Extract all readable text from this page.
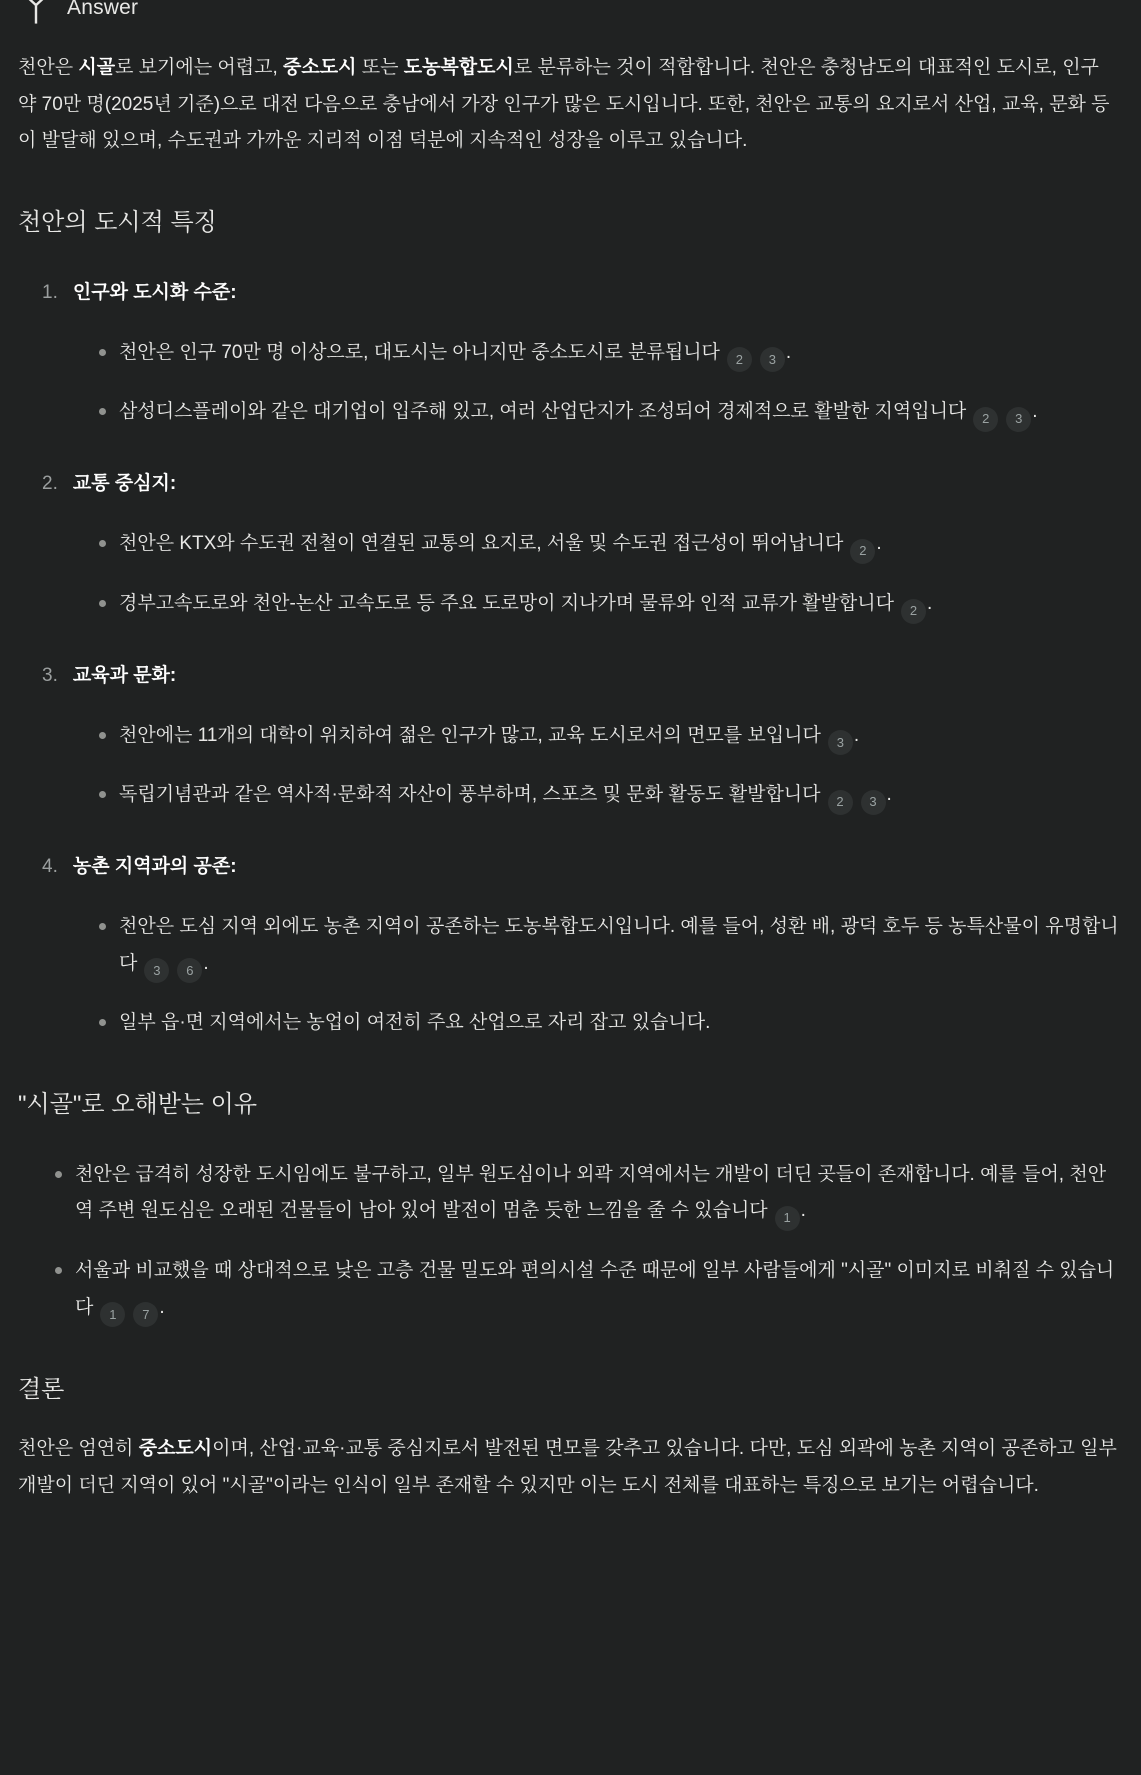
Answer

천안은 시골로 보기에는 어렵고, 중소도시 또는 도농복합도시로 분류하는 것이 적합합니다. 천안은 충청남도의 대표적인 도시로, 인구 약 70만 명(2025년 기준)으로 대전 다음으로 충남에서 가장 인구가 많은 도시입니다. 또한, 천안은 교통의 요지로서 산업, 교육, 문화 등이 발달해 있으며, 수도권과 가까운 지리적 이점 덕분에 지속적인 성장을 이루고 있습니다.

천안의 도시적 특징
1. 인구와 도시화 수준:
천안은 인구 70만 명 이상으로, 대도시는 아니지만 중소도시로 분류됩니다 2 3 .
삼성디스플레이와 같은 대기업이 입주해 있고, 여러 산업단지가 조성되어 경제적으로 활발한 지역입니다 2 3 .
2. 교통 중심지:
천안은 KTX와 수도권 전철이 연결된 교통의 요지로, 서울 및 수도권 접근성이 뛰어납니다 2 .
경부고속도로와 천안-논산 고속도로 등 주요 도로망이 지나가며 물류와 인적 교류가 활발합니다 2 .
3. 교육과 문화:
천안에는 11개의 대학이 위치하여 젊은 인구가 많고, 교육 도시로서의 면모를 보입니다 3 .
독립기념관과 같은 역사적·문화적 자산이 풍부하며, 스포츠 및 문화 활동도 활발합니다 2 3 .
4. 농촌 지역과의 공존:
천안은 도심 지역 외에도 농촌 지역이 공존하는 도농복합도시입니다. 예를 들어, 성환 배, 광덕 호두 등 농특산물이 유명합니다 3 6 .
일부 읍·면 지역에서는 농업이 여전히 주요 산업으로 자리 잡고 있습니다.
"시골"로 오해받는 이유
천안은 급격히 성장한 도시임에도 불구하고, 일부 원도심이나 외곽 지역에서는 개발이 더딘 곳들이 존재합니다. 예를 들어, 천안역 주변 원도심은 오래된 건물들이 남아 있어 발전이 멈춘 듯한 느낌을 줄 수 있습니다 1 .
서울과 비교했을 때 상대적으로 낮은 고층 건물 밀도와 편의시설 수준 때문에 일부 사람들에게 "시골" 이미지로 비춰질 수 있습니다 1 7 .
결론

천안은 엄연히 중소도시이며, 산업·교육·교통 중심지로서 발전된 면모를 갖추고 있습니다. 다만, 도심 외곽에 농촌 지역이 공존하고 일부 개발이 더딘 지역이 있어 "시골"이라는 인식이 일부 존재할 수 있지만 이는 도시 전체를 대표하는 특징으로 보기는 어렵습니다.
